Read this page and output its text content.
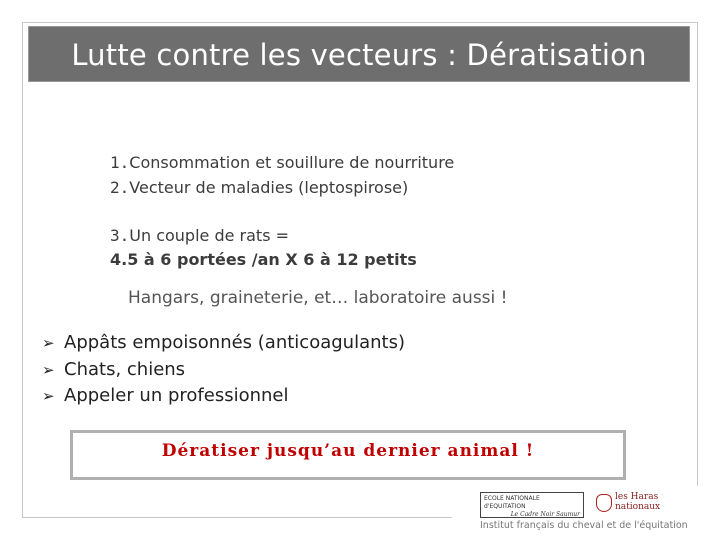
Lutte contre les vecteurs : Dératisation
1.Consommation et souillure de nourriture
2.Vecteur de maladies (leptospirose)
3.Un couple de rats =
4.5 à 6 portées /an X 6 à 12 petits
Hangars, graineterie, et… laboratoire aussi !
➢ Appâts empoisonnés (anticoagulants)
➢ Chats, chiens
➢ Appeler un professionnel
Dératiser jusqu’au dernier animal !
ECOLE NATIONALE d'EQUITATION
Le Cadre Noir Saumur
les Haras
nationaux
Institut français du cheval et de l'équitation
